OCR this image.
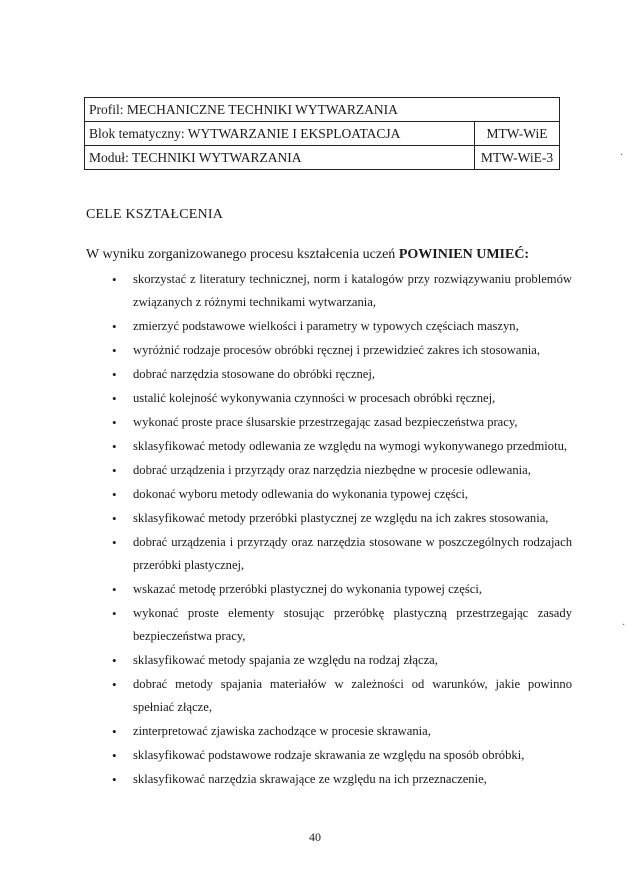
Profil: MECHANICZNE TECHNIKI WYTWARZANIA	
Blok tematyczny: WYTWARZANIE I EKSPLOATACJA	MTW-WiE
Moduł: TECHNIKI WYTWARZANIA	MTW-WiE-3
CELE KSZTAŁCENIA
W wyniku zorganizowanego procesu kształcenia uczeń POWINIEN UMIEĆ:
• skorzystać z literatury technicznej, norm i katalogów przy rozwiązywaniu problemów związanych z różnymi technikami wytwarzania,
• zmierzyć podstawowe wielkości i parametry w typowych częściach maszyn,
• wyróżnić rodzaje procesów obróbki ręcznej i przewidzieć zakres ich stosowania,
• dobrać narzędzia stosowane do obróbki ręcznej,
• ustalić kolejność wykonywania czynności w procesach obróbki ręcznej,
• wykonać proste prace ślusarskie przestrzegając zasad bezpieczeństwa pracy,
• sklasyfikować metody odlewania ze względu na wymogi wykonywanego przedmiotu,
• dobrać urządzenia i przyrządy oraz narzędzia niezbędne w procesie odlewania,
• dokonać wyboru metody odlewania do wykonania typowej części,
• sklasyfikować metody przeróbki plastycznej ze względu na ich zakres stosowania,
• dobrać urządzenia i przyrządy oraz narzędzia stosowane w poszczególnych rodzajach przeróbki plastycznej,
• wskazać metodę przeróbki plastycznej do wykonania typowej części,
• wykonać proste elementy stosując przeróbkę plastyczną przestrzegając zasady bezpieczeństwa pracy,
• sklasyfikować metody spajania ze względu na rodzaj złącza,
• dobrać metody spajania materiałów w zależności od warunków, jakie powinno spełniać złącze,
• zinterpretować zjawiska zachodzące w procesie skrawania,
• sklasyfikować podstawowe rodzaje skrawania ze względu na sposób obróbki,
• sklasyfikować narzędzia skrawające ze względu na ich przeznaczenie,
40
·
·
